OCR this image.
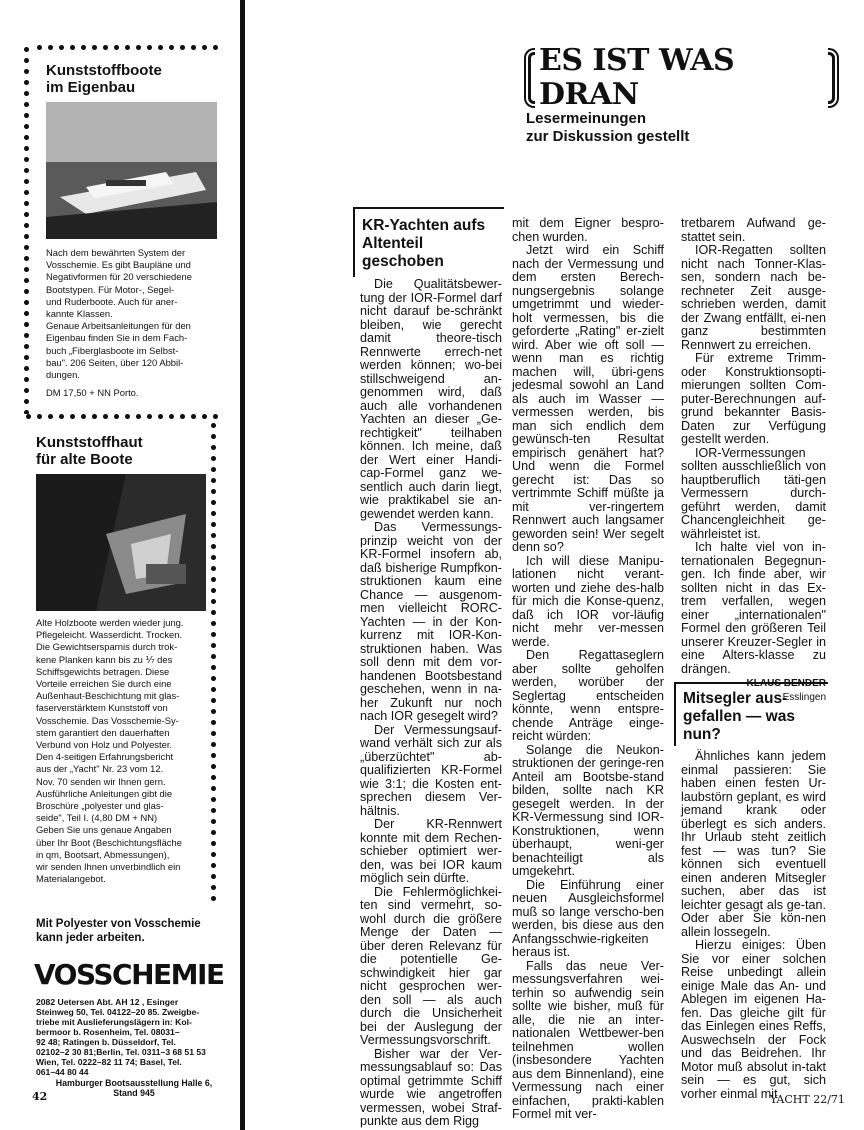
Kunststoffboote
im Eigenbau

Nach dem bewährten System der

Vosschemie. Es gibt Baupläne und

Negativformen für 20 verschiedene

Bootstypen. Für Motor-, Segel-

und Ruderboote. Auch für aner-

kannte Klassen.

Genaue Arbeitsanleitungen für den

Eigenbau finden Sie in dem Fach-

buch „Fiberglasboote im Selbst-

bau". 206 Seiten, über 120 Abbil-

dungen.

DM 17,50 + NN Porto.

Kunststoffhaut
für alte Boote

Alte Holzboote werden wieder jung.

Pflegeleicht. Wasserdicht. Trocken.

Die Gewichtsersparnis durch trok-

kene Planken kann bis zu ⅐ des

Schiffsgewichts betragen. Diese

Vorteile erreichen Sie durch eine

Außenhaut-Beschichtung mit glas-

faserverstärktem Kunststoff von

Vosschemie. Das Vosschemie-Sy-

stem garantiert den dauerhaften

Verbund von Holz und Polyester.

Den 4-seitigen Erfahrungsbericht

aus der „Yacht" Nr. 23 vom 12.

Nov. 70 senden wir Ihnen gern.

Ausführliche Anleitungen gibt die

Broschüre „polyester und glas-

seide", Teil I. (4,80 DM + NN)

Geben Sie uns genaue Angaben

über Ihr Boot (Beschichtungsfläche

in qm, Bootsart, Abmessungen),

wir senden Ihnen unverbindlich ein

Materialangebot.

Mit Polyester von Vosschemie
kann jeder arbeiten.
VOSSCHEMIE
2082 Uetersen Abt. AH 12 , Esinger
Steinweg 50, Tel. 04122–20 85. Zweigbe-
triebe mit Auslieferungslägern in: Kol-
bermoor b. Rosenheim, Tel. 08031–
92 48; Ratingen b. Düsseldorf, Tel.
02102–2 30 81;Berlin, Tel. 0311–3 68 51 53
Wien, Tel. 0222–82 11 74; Basel, Tel.
061–44 80 44
Hamburger Bootsausstellung Halle 6,
Stand 945
42
ES IST WAS DRAN
Lesermeinungen
zur Diskussion gestellt
KR-Yachten aufs
Altenteil
geschoben

Die Qualitätsbewer-tung der IOR-Formel darf nicht darauf be-schränkt bleiben, wie gerecht damit theore-tisch Rennwerte errech-net werden können; wo-bei stillschweigend an-genommen wird, daß auch alle vorhandenen Yachten an dieser „Ge-rechtigkeit" teilhaben können. Ich meine, daß der Wert einer Handi-cap-Formel ganz we-sentlich auch darin liegt, wie praktikabel sie an-gewendet werden kann.

Das Vermessungs-prinzip weicht von der KR-Formel insofern ab, daß bisherige Rumpfkon-struktionen kaum eine Chance — ausgenom-men vielleicht RORC-Yachten — in der Kon-kurrenz mit IOR-Kon-struktionen haben. Was soll denn mit dem vor-handenen Bootsbestand geschehen, wenn in na-her Zukunft nur noch nach IOR gesegelt wird?

Der Vermessungsauf-wand verhält sich zur als „überzüchtet" ab-qualifizierten KR-Formel wie 3:1; die Kosten ent-sprechen diesem Ver-hältnis.

Der KR-Rennwert konnte mit dem Rechen-schieber optimiert wer-den, was bei IOR kaum möglich sein dürfte.

Die Fehlermöglichkei-ten sind vermehrt, so-wohl durch die größere Menge der Daten — über deren Relevanz für die potentielle Ge-schwindigkeit hier gar nicht gesprochen wer-den soll — als auch durch die Unsicherheit bei der Auslegung der Vermessungsvorschrift.

Bisher war der Ver-messungsablauf so: Das optimal getrimmte Schiff wurde wie angetroffen vermessen, wobei Straf-punkte aus dem Rigg

mit dem Eigner bespro-chen wurden.

Jetzt wird ein Schiff nach der Vermessung und dem ersten Berech-nungsergebnis solange umgetrimmt und wieder-holt vermessen, bis die geforderte „Rating" er-zielt wird. Aber wie oft soll — wenn man es richtig machen will, übri-gens jedesmal sowohl an Land als auch im Wasser — vermessen werden, bis man sich endlich dem gewünsch-ten Resultat empirisch genähert hat? Und wenn die Formel gerecht ist: Das so vertrimmte Schiff müßte ja mit ver-ringertem Rennwert auch langsamer geworden sein! Wer segelt denn so?

Ich will diese Manipu-lationen nicht verant-worten und ziehe des-halb für mich die Konse-quenz, daß ich IOR vor-läufig nicht mehr ver-messen werde.

Den Regattaseglern aber sollte geholfen werden, worüber der Seglertag entscheiden könnte, wenn entspre-chende Anträge einge-reicht würden:

Solange die Neukon-struktionen der geringe-ren Anteil am Bootsbe-stand bilden, sollte nach KR gesegelt werden. In der KR-Vermessung sind IOR-Konstruktionen, wenn überhaupt, weni-ger benachteiligt als umgekehrt.

Die Einführung einer neuen Ausgleichsformel muß so lange verscho-ben werden, bis diese aus den Anfangsschwie-rigkeiten heraus ist.

Falls das neue Ver-messungsverfahren wei-terhin so aufwendig sein sollte wie bisher, muß für alle, die nie an inter-nationalen Wettbewer-ben teilnehmen wollen (insbesondere Yachten aus dem Binnenland), eine Vermessung nach einer einfachen, prakti-kablen Formel mit ver-

tretbarem Aufwand ge-stattet sein.

IOR-Regatten sollten nicht nach Tonner-Klas-sen, sondern nach be-rechneter Zeit ausge-schrieben werden, damit der Zwang entfällt, ei-nen ganz bestimmten Rennwert zu erreichen.

Für extreme Trimm-oder Konstruktionsopti-mierungen sollten Com-puter-Berechnungen auf-grund bekannter Basis-Daten zur Verfügung gestellt werden.

IOR-Vermessungen sollten ausschließlich von hauptberuflich täti-gen Vermessern durch-geführt werden, damit Chancengleichheit ge-währleistet ist.

Ich halte viel von in-ternationalen Begegnun-gen. Ich finde aber, wir sollten nicht in das Ex-trem verfallen, wegen einer „internationalen" Formel den größeren Teil unserer Kreuzer-Segler in eine Alters-klasse zu drängen.

Esslingen
Mitsegler aus-
gefallen — was
nun?

Ähnliches kann jedem einmal passieren: Sie haben einen festen Ur-laubstörn geplant, es wird jemand krank oder überlegt es sich anders. Ihr Urlaub steht zeitlich fest — was tun? Sie können sich eventuell einen anderen Mitsegler suchen, aber das ist leichter gesagt als ge-tan. Oder aber Sie kön-nen allein lossegeln.

Hierzu einiges: Üben Sie vor einer solchen Reise unbedingt allein einige Male das An- und Ablegen im eigenen Ha-fen. Das gleiche gilt für das Einlegen eines Reffs, Auswechseln der Fock und das Beidrehen. Ihr Motor muß absolut in-takt sein — es gut, sich vorher einmal mit

YACHT 22/71
